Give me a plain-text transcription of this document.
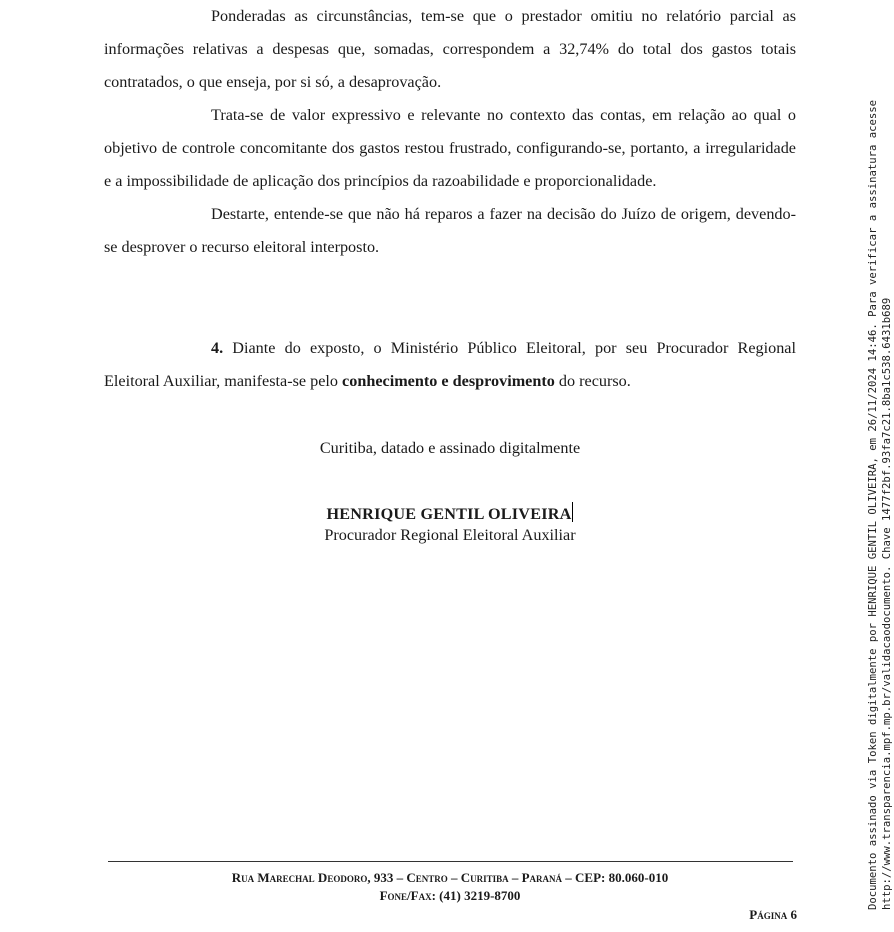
Ponderadas as circunstâncias, tem-se que o prestador omitiu no relatório parcial as informações relativas a despesas que, somadas, correspondem a 32,74% do total dos gastos totais contratados, o que enseja, por si só, a desaprovação.

Trata-se de valor expressivo e relevante no contexto das contas, em relação ao qual o objetivo de controle concomitante dos gastos restou frustrado, configurando-se, portanto, a irregularidade e a impossibilidade de aplicação dos princípios da razoabilidade e proporcionalidade.

Destarte, entende-se que não há reparos a fazer na decisão do Juízo de origem, devendo-se desprover o recurso eleitoral interposto.

4. Diante do exposto, o Ministério Público Eleitoral, por seu Procurador Regional Eleitoral Auxiliar, manifesta-se pelo conhecimento e desprovimento do recurso.

Curitiba, datado e assinado digitalmente
HENRIQUE GENTIL OLIVEIRA
Procurador Regional Eleitoral Auxiliar
Rua Marechal Deodoro, 933 – Centro – Curitiba – Paraná – CEP: 80.060-010
Fone/Fax: (41) 3219-8700
Página 6
Documento assinado via Token digitalmente por HENRIQUE GENTIL OLIVEIRA, em 26/11/2024 14:46. Para verificar a assinatura acesse http://www.transparencia.mpf.mp.br/validacaodocumento. Chave 1477f2bf.93fa7c21.8ba1c538.6431b689
